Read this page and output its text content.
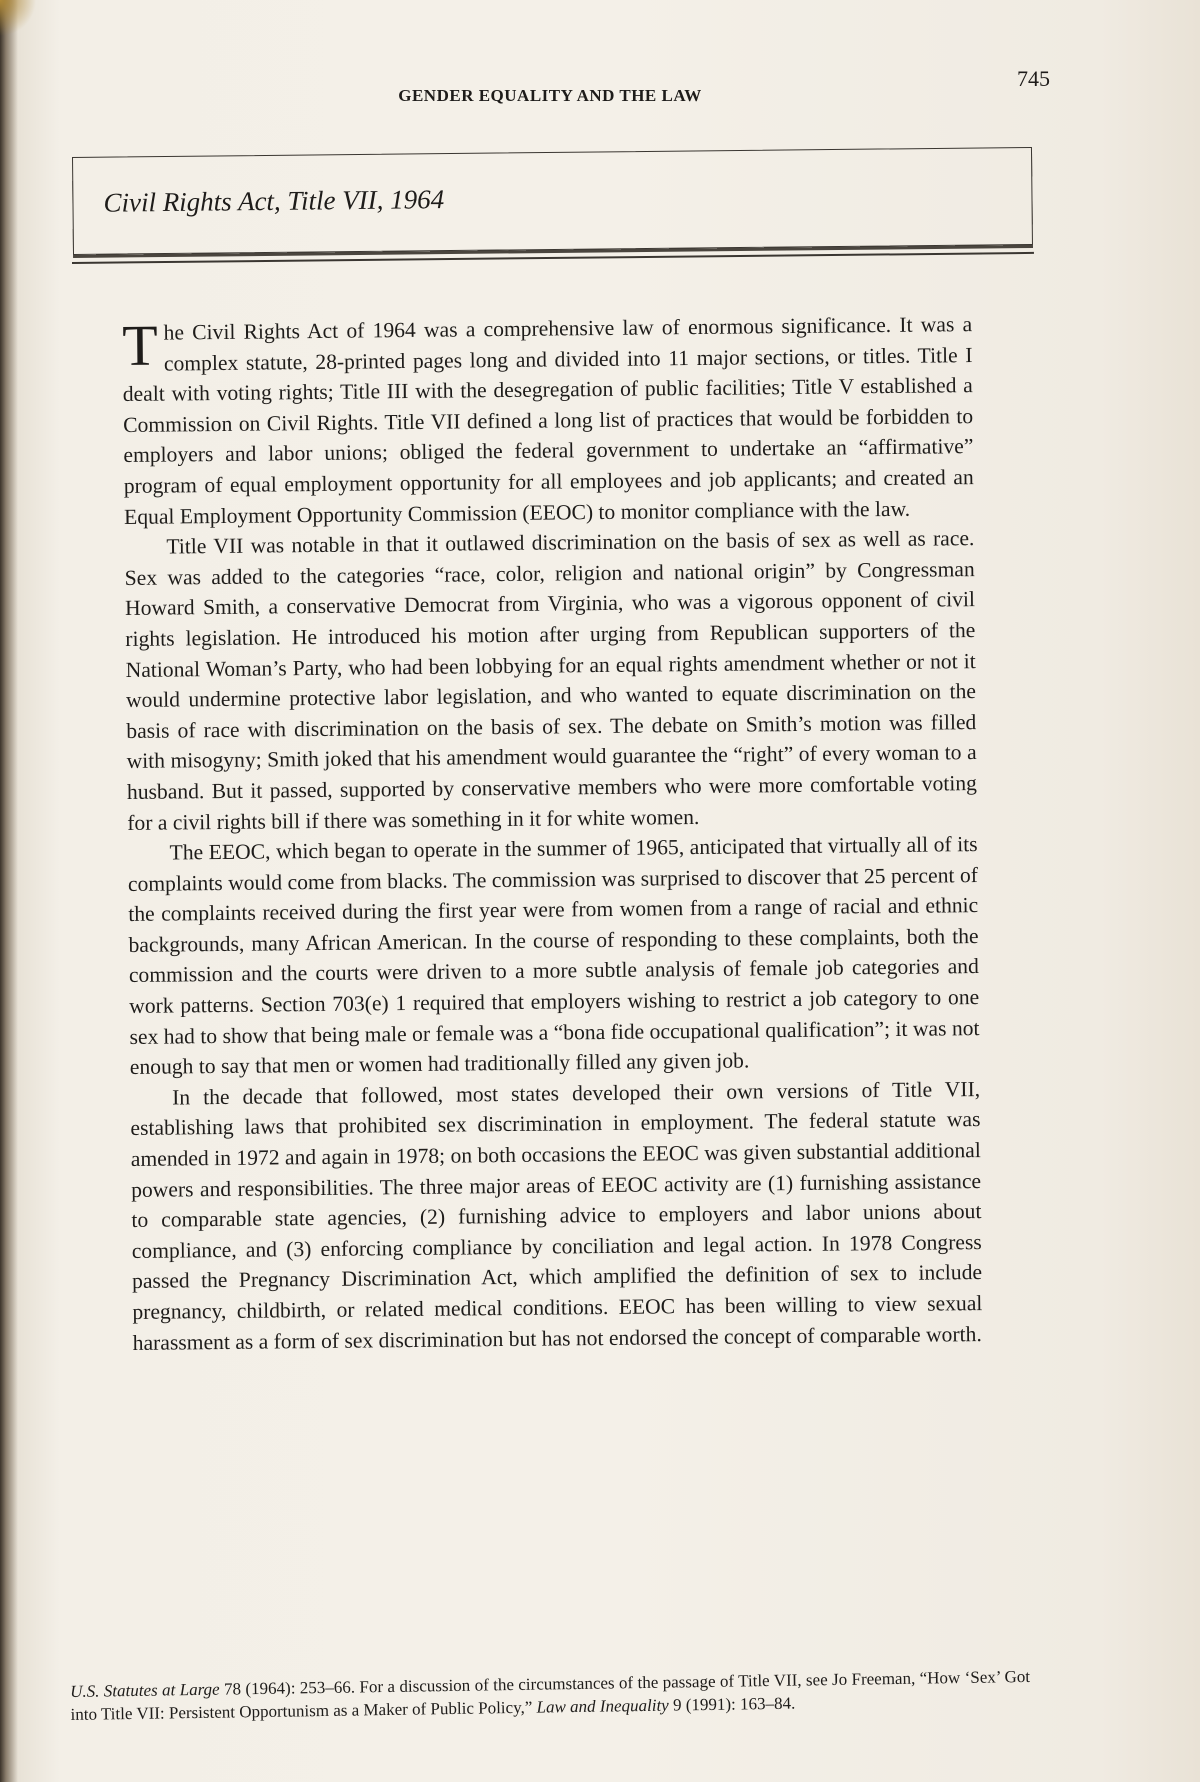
GENDER EQUALITY AND THE LAW
745
Civil Rights Act, Title VII, 1964

The Civil Rights Act of 1964 was a comprehensive law of enormous significance. It was a complex statute, 28-printed pages long and divided into 11 major sections, or titles. Title I dealt with voting rights; Title III with the desegregation of public facilities; Title V established a Commission on Civil Rights. Title VII defined a long list of practices that would be forbidden to employers and labor unions; obliged the federal government to undertake an “affirmative” program of equal employment opportunity for all employees and job applicants; and created an Equal Employment Opportunity Commission (EEOC) to monitor compliance with the law.

Title VII was notable in that it outlawed discrimination on the basis of sex as well as race. Sex was added to the categories “race, color, religion and national origin” by Congressman Howard Smith, a conservative Democrat from Virginia, who was a vigorous opponent of civil rights legislation. He introduced his motion after urging from Republican supporters of the National Woman’s Party, who had been lobbying for an equal rights amendment whether or not it would undermine protective labor legislation, and who wanted to equate discrimination on the basis of race with discrimination on the basis of sex. The debate on Smith’s motion was filled with misogyny; Smith joked that his amendment would guarantee the “right” of every woman to a husband. But it passed, supported by conservative members who were more comfortable voting for a civil rights bill if there was something in it for white women.

The EEOC, which began to operate in the summer of 1965, anticipated that virtually all of its complaints would come from blacks. The commission was surprised to discover that 25 percent of the complaints received during the first year were from women from a range of racial and ethnic backgrounds, many African American. In the course of responding to these complaints, both the commission and the courts were driven to a more subtle analysis of female job categories and work patterns. Section 703(e) 1 required that employers wishing to restrict a job category to one sex had to show that being male or female was a “bona fide occupational qualification”; it was not enough to say that men or women had traditionally filled any given job.

In the decade that followed, most states developed their own versions of Title VII, establishing laws that prohibited sex discrimination in employment. The federal statute was amended in 1972 and again in 1978; on both occasions the EEOC was given substantial additional powers and responsibilities. The three major areas of EEOC activity are (1) furnishing assistance to comparable state agencies, (2) furnishing advice to employers and labor unions about compliance, and (3) enforcing compliance by conciliation and legal action. In 1978 Congress passed the Pregnancy Discrimination Act, which amplified the definition of sex to include pregnancy, childbirth, or related medical conditions. EEOC has been willing to view sexual harassment as a form of sex discrimination but has not endorsed the concept of comparable worth.

U.S. Statutes at Large 78 (1964): 253–66. For a discussion of the circumstances of the passage of Title VII, see Jo Freeman, “How ‘Sex’ Got into Title VII: Persistent Opportunism as a Maker of Public Policy,” Law and Inequality 9 (1991): 163–84.
